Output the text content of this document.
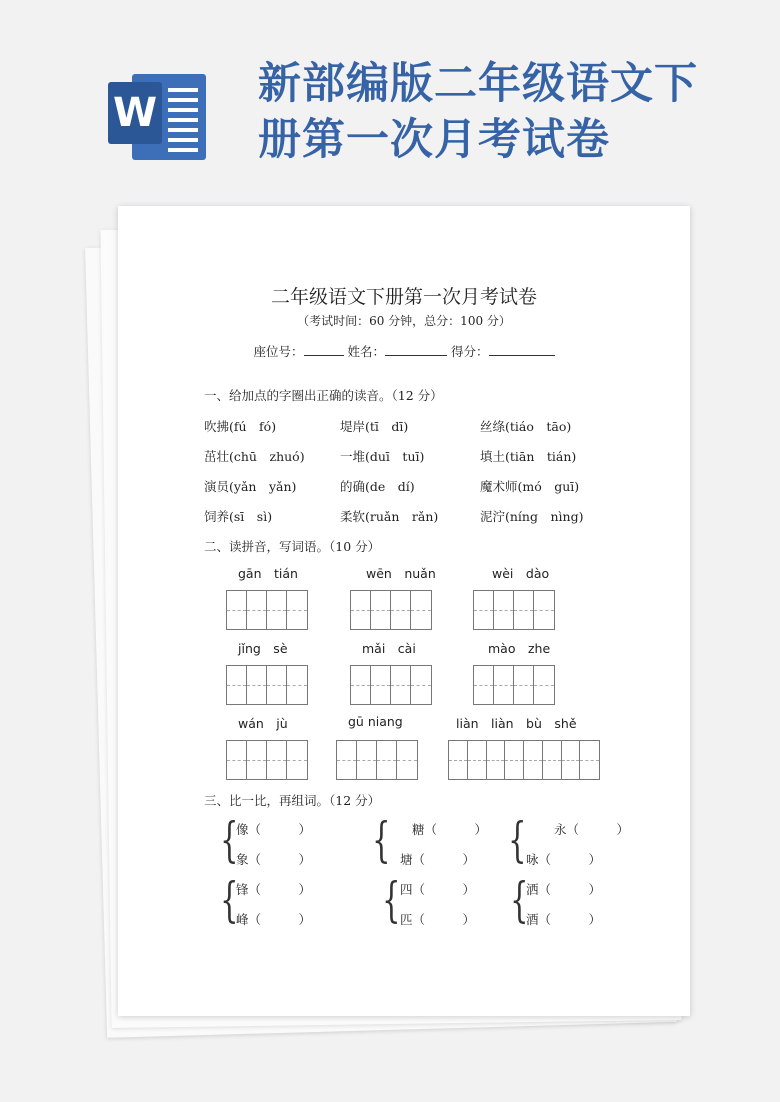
W
新部编版二年级语文下册第一次月考试卷
二年级语文下册第一次月考试卷
（考试时间：60 分钟，总分：100 分）
座位号：	姓名：	得分：
一、给加点的字圈出正确的读音。（12 分）
吹拂(fú　fó)	堤岸(tī　dī)	丝绦(tiáo　tāo)
茁壮(chū　zhuó)	一堆(duī　tuī)	填土(tiān　tián)
演员(yǎn　yǎn)	的确(de　dí)	魔术师(mó　guī)
饲养(sī　sì)	柔软(ruǎn　rǎn)	泥泞(níng　nìng)
二、读拼音，写词语。（10 分）
gān　tián	wēn　nuǎn	wèi　dào
jǐng　sè	mǎi　cài	mào　zhe
wán　jù	gū niang	liàn　liàn　bù　shě
三、比一比，再组词。（12 分）
{
像（　　　）
象（　　　） { 糖（　　　）
塘（　　　） { 永（　　　）
咏（　　　）
{
锋（　　　）
峰（　　　） { 四（　　　）
匹（　　　） {
洒（　　　）
酒（　　　）
